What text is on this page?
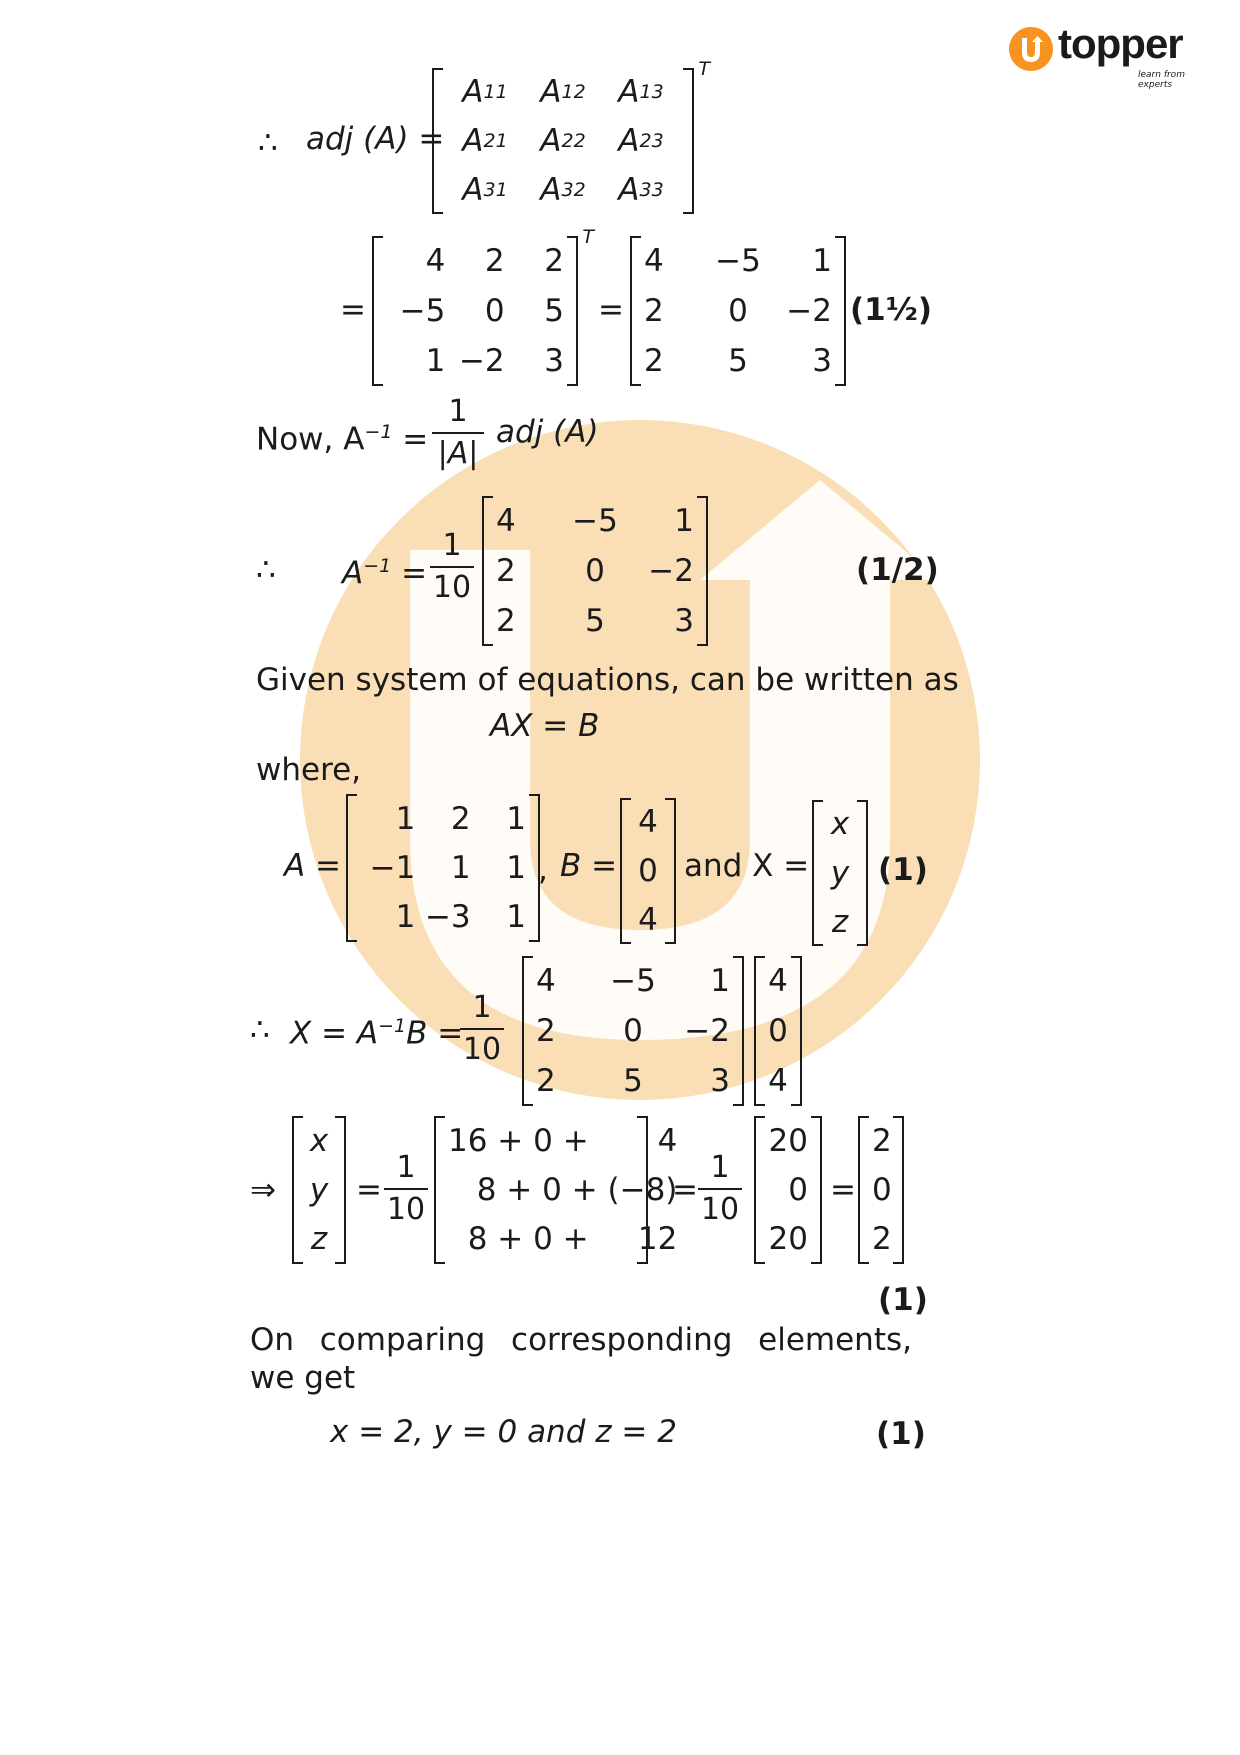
topper
learn from experts
∴ adj (A) =
A 11 A 12 A 13
A 21 A 22 A 23
A 31 A 32 A 33
T
=
4	2	2
−5	0	5
1 −2	3
T
=
4	−5	1
2	0	−2
2	5	3
(1½)
Now, $A^{-1}$ =
1
|A|
adj (A)
∴ $A^{-1}$ =
1
10
4	−5	1
2	0	−2
2	5	3
(1/2)
Given system of equations, can be written as
AX = B
where,
A =
1	2	1
−1	1	1
1 −3	1
, B =
4
0
4
and X =
x
y
z
(1)
∴ $X = A^{-1}B$ =
1
10
4	−5	1
2	0	−2
2	5	3
4
0
4
⇒
x
y
z
=
1
10
16 + 0 +       4
8 + 0 + (−8)
8 + 0 +     12
=
1
10
20
0
20
=
2
0
2
(1)
On comparing corresponding elements,
we get
x = 2, y = 0 and z = 2	(1)
